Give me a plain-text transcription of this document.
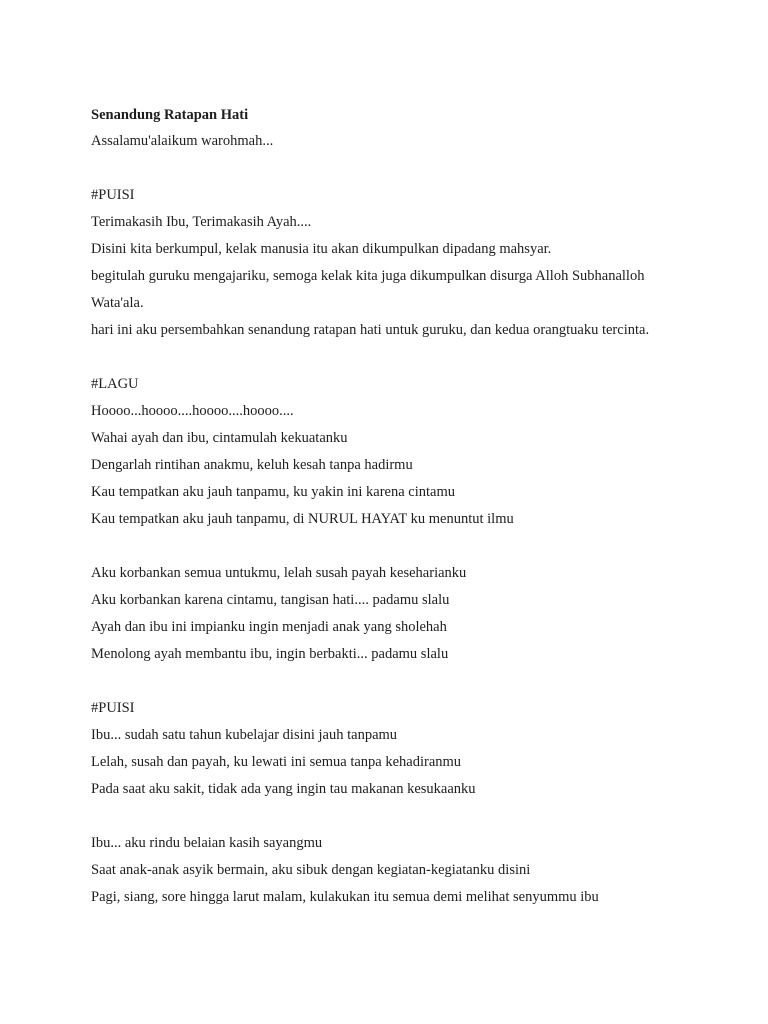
Senandung Ratapan Hati
Assalamu'alaikum warohmah...
#PUISI
Terimakasih Ibu, Terimakasih Ayah....
Disini kita berkumpul, kelak manusia itu akan dikumpulkan dipadang mahsyar.
begitulah guruku mengajariku, semoga kelak kita juga dikumpulkan disurga Alloh Subhanalloh
Wata'ala.
hari ini aku persembahkan senandung ratapan hati untuk guruku, dan kedua orangtuaku tercinta.
#LAGU
Hoooo...hoooo....hoooo....hoooo....
Wahai ayah dan ibu, cintamulah kekuatanku
Dengarlah rintihan anakmu, keluh kesah tanpa hadirmu
Kau tempatkan aku jauh tanpamu, ku yakin ini karena cintamu
Kau tempatkan aku jauh tanpamu, di NURUL HAYAT ku menuntut ilmu
Aku korbankan semua untukmu, lelah susah payah keseharianku
Aku korbankan karena cintamu, tangisan hati.... padamu slalu
Ayah dan ibu ini impianku ingin menjadi anak yang sholehah
Menolong ayah membantu ibu, ingin berbakti... padamu slalu
#PUISI
Ibu... sudah satu tahun kubelajar disini jauh tanpamu
Lelah, susah dan payah, ku lewati ini semua tanpa kehadiranmu
Pada saat aku sakit, tidak ada yang ingin tau makanan kesukaanku
Ibu... aku rindu belaian kasih sayangmu
Saat anak-anak asyik bermain, aku sibuk dengan kegiatan-kegiatanku disini
Pagi, siang, sore hingga larut malam, kulakukan itu semua demi melihat senyummu ibu
